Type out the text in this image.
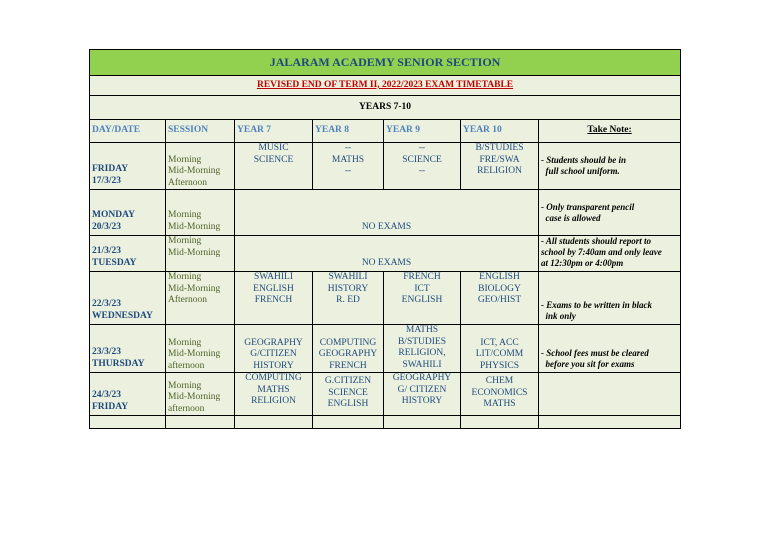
JALARAM ACADEMY SENIOR SECTION						
REVISED END OF TERM II, 2022/2023 EXAM TIMETABLE						
YEARS 7-10						
DAY/DATE	SESSION	YEAR 7	YEAR 8	YEAR 9	YEAR 10	Take Note:

FRIDAY
17/3/23	Morning
Mid-Morning
Afternoon	MUSIC
SCIENCE	--
MATHS
--	--
SCIENCE
--	B/STUDIES
FRE/SWA
RELIGION	- Students should be in
full school uniform.

MONDAY
20/3/23	Morning
Mid-Morning	NO EXAMS				- Only transparent pencil
case is allowed

21/3/23
TUESDAY	Morning
Mid-Morning	NO EXAMS				- All students should report to
school by 7:40am and only leave
at 12:30pm or 4:00pm

22/3/23
WEDNESDAY	Morning
Mid-Morning
Afternoon	SWAHILI
ENGLISH
FRENCH	SWAHILI
HISTORY
R. ED	FRENCH
ICT
ENGLISH	ENGLISH
BIOLOGY
GEO/HIST	- Exams to be written in black
ink only

23/3/23
THURSDAY	Morning
Mid-Morning
afternoon	GEOGRAPHY
G/CITIZEN
HISTORY	COMPUTING
GEOGRAPHY
FRENCH	MATHS
B/STUDIES
RELIGION,
SWAHILI	ICT, ACC
LIT/COMM
PHYSICS	- School fees must be cleared
before you sit for exams

24/3/23
FRIDAY	Morning
Mid-Morning
afternoon	COMPUTING
MATHS
RELIGION	G.CITIZEN
SCIENCE
ENGLISH	GEOGRAPHY
G/ CITIZEN
HISTORY	CHEM
ECONOMICS
MATHS	
